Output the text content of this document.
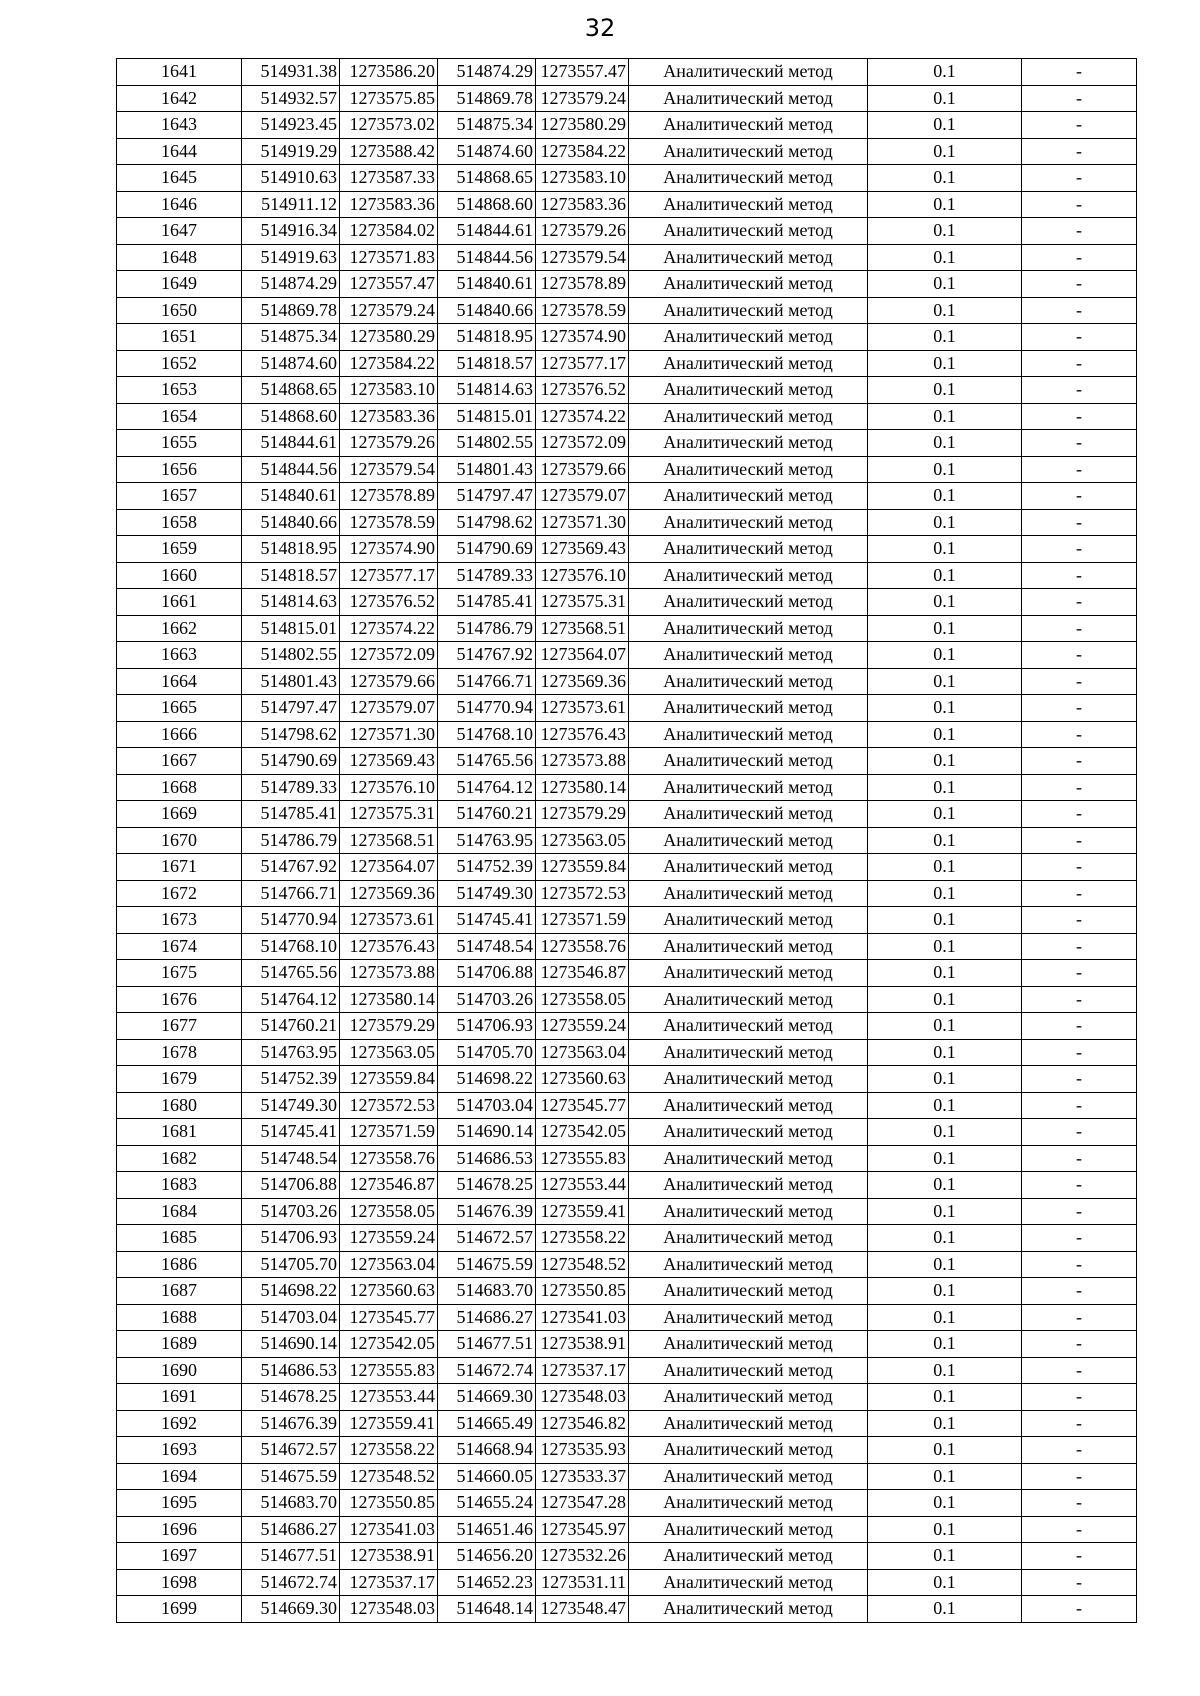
32
1641	514931.38	1273586.20	514874.29	1273557.47	Аналитический метод	0.1	-
1642	514932.57	1273575.85	514869.78	1273579.24	Аналитический метод	0.1	-
1643	514923.45	1273573.02	514875.34	1273580.29	Аналитический метод	0.1	-
1644	514919.29	1273588.42	514874.60	1273584.22	Аналитический метод	0.1	-
1645	514910.63	1273587.33	514868.65	1273583.10	Аналитический метод	0.1	-
1646	514911.12	1273583.36	514868.60	1273583.36	Аналитический метод	0.1	-
1647	514916.34	1273584.02	514844.61	1273579.26	Аналитический метод	0.1	-
1648	514919.63	1273571.83	514844.56	1273579.54	Аналитический метод	0.1	-
1649	514874.29	1273557.47	514840.61	1273578.89	Аналитический метод	0.1	-
1650	514869.78	1273579.24	514840.66	1273578.59	Аналитический метод	0.1	-
1651	514875.34	1273580.29	514818.95	1273574.90	Аналитический метод	0.1	-
1652	514874.60	1273584.22	514818.57	1273577.17	Аналитический метод	0.1	-
1653	514868.65	1273583.10	514814.63	1273576.52	Аналитический метод	0.1	-
1654	514868.60	1273583.36	514815.01	1273574.22	Аналитический метод	0.1	-
1655	514844.61	1273579.26	514802.55	1273572.09	Аналитический метод	0.1	-
1656	514844.56	1273579.54	514801.43	1273579.66	Аналитический метод	0.1	-
1657	514840.61	1273578.89	514797.47	1273579.07	Аналитический метод	0.1	-
1658	514840.66	1273578.59	514798.62	1273571.30	Аналитический метод	0.1	-
1659	514818.95	1273574.90	514790.69	1273569.43	Аналитический метод	0.1	-
1660	514818.57	1273577.17	514789.33	1273576.10	Аналитический метод	0.1	-
1661	514814.63	1273576.52	514785.41	1273575.31	Аналитический метод	0.1	-
1662	514815.01	1273574.22	514786.79	1273568.51	Аналитический метод	0.1	-
1663	514802.55	1273572.09	514767.92	1273564.07	Аналитический метод	0.1	-
1664	514801.43	1273579.66	514766.71	1273569.36	Аналитический метод	0.1	-
1665	514797.47	1273579.07	514770.94	1273573.61	Аналитический метод	0.1	-
1666	514798.62	1273571.30	514768.10	1273576.43	Аналитический метод	0.1	-
1667	514790.69	1273569.43	514765.56	1273573.88	Аналитический метод	0.1	-
1668	514789.33	1273576.10	514764.12	1273580.14	Аналитический метод	0.1	-
1669	514785.41	1273575.31	514760.21	1273579.29	Аналитический метод	0.1	-
1670	514786.79	1273568.51	514763.95	1273563.05	Аналитический метод	0.1	-
1671	514767.92	1273564.07	514752.39	1273559.84	Аналитический метод	0.1	-
1672	514766.71	1273569.36	514749.30	1273572.53	Аналитический метод	0.1	-
1673	514770.94	1273573.61	514745.41	1273571.59	Аналитический метод	0.1	-
1674	514768.10	1273576.43	514748.54	1273558.76	Аналитический метод	0.1	-
1675	514765.56	1273573.88	514706.88	1273546.87	Аналитический метод	0.1	-
1676	514764.12	1273580.14	514703.26	1273558.05	Аналитический метод	0.1	-
1677	514760.21	1273579.29	514706.93	1273559.24	Аналитический метод	0.1	-
1678	514763.95	1273563.05	514705.70	1273563.04	Аналитический метод	0.1	-
1679	514752.39	1273559.84	514698.22	1273560.63	Аналитический метод	0.1	-
1680	514749.30	1273572.53	514703.04	1273545.77	Аналитический метод	0.1	-
1681	514745.41	1273571.59	514690.14	1273542.05	Аналитический метод	0.1	-
1682	514748.54	1273558.76	514686.53	1273555.83	Аналитический метод	0.1	-
1683	514706.88	1273546.87	514678.25	1273553.44	Аналитический метод	0.1	-
1684	514703.26	1273558.05	514676.39	1273559.41	Аналитический метод	0.1	-
1685	514706.93	1273559.24	514672.57	1273558.22	Аналитический метод	0.1	-
1686	514705.70	1273563.04	514675.59	1273548.52	Аналитический метод	0.1	-
1687	514698.22	1273560.63	514683.70	1273550.85	Аналитический метод	0.1	-
1688	514703.04	1273545.77	514686.27	1273541.03	Аналитический метод	0.1	-
1689	514690.14	1273542.05	514677.51	1273538.91	Аналитический метод	0.1	-
1690	514686.53	1273555.83	514672.74	1273537.17	Аналитический метод	0.1	-
1691	514678.25	1273553.44	514669.30	1273548.03	Аналитический метод	0.1	-
1692	514676.39	1273559.41	514665.49	1273546.82	Аналитический метод	0.1	-
1693	514672.57	1273558.22	514668.94	1273535.93	Аналитический метод	0.1	-
1694	514675.59	1273548.52	514660.05	1273533.37	Аналитический метод	0.1	-
1695	514683.70	1273550.85	514655.24	1273547.28	Аналитический метод	0.1	-
1696	514686.27	1273541.03	514651.46	1273545.97	Аналитический метод	0.1	-
1697	514677.51	1273538.91	514656.20	1273532.26	Аналитический метод	0.1	-
1698	514672.74	1273537.17	514652.23	1273531.11	Аналитический метод	0.1	-
1699	514669.30	1273548.03	514648.14	1273548.47	Аналитический метод	0.1	-
